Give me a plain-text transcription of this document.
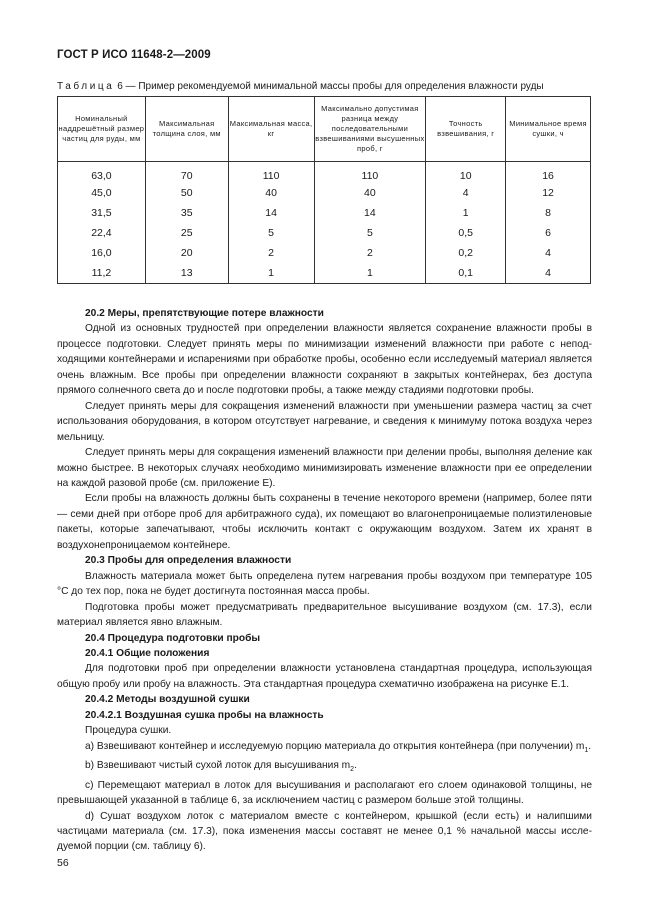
ГОСТ Р ИСО 11648-2—2009
Таблица 6 — Пример рекомендуемой минимальной массы пробы для определения влажности руды
Номинальный наддрешётный размер частиц для руды, мм	Максимальная толщина слоя, мм	Максимальная масса, кг	Максимально допустимая разница между последовательными взвешиваниями высушенных проб, г	Точность взвешивания, г	Минимальное время сушки, ч
63,0	70	110	110	10	16
45,0	50	40	40	4	12
31,5	35	14	14	1	8
22,4	25	5	5	0,5	6
16,0	20	2	2	0,2	4
11,2	13	1	1	0,1	4

20.2 Меры, препятствующие потере влажности

Одной из основных трудностей при определении влажности является сохранение влажности пробы в процессе подготовки. Следует принять меры по минимизации изменений влажности при работе с неподходящими контейнерами и испарениями при обработке пробы, особенно если исследуемый материал является очень влажным. Все пробы при определении влажности сохраняют в закрытых контейнерах, без доступа прямого солнечного света до и после подготовки пробы, а также между стадиями подготовки пробы.

Следует принять меры для сокращения изменений влажности при уменьшении размера частиц за счет использования оборудования, в котором отсутствует нагревание, и сведения к минимуму потока воздуха через мельницу.

Следует принять меры для сокращения изменений влажности при делении пробы, выполняя деление как можно быстрее. В некоторых случаях необходимо минимизировать изменение влажности при ее определении на каждой разовой пробе (см. приложение Е).

Если пробы на влажность должны быть сохранены в течение некоторого времени (например, более пяти — семи дней при отборе проб для арбитражного суда), их помещают во влагонепроницаемые полиэтиленовые пакеты, которые запечатывают, чтобы исключить контакт с окружающим воздухом. Затем их хранят в воздухонепроницаемом контейнере.

20.3 Пробы для определения влажности

Влажность материала может быть определена путем нагревания пробы воздухом при температуре 105 °С до тех пор, пока не будет достигнута постоянная масса пробы.

Подготовка пробы может предусматривать предварительное высушивание воздухом (см. 17.3), если материал является явно влажным.

20.4 Процедура подготовки пробы

20.4.1 Общие положения

Для подготовки проб при определении влажности установлена стандартная процедура, использующая общую пробу или пробу на влажность. Эта стандартная процедура схематично изображена на рисунке Е.1.

20.4.2 Методы воздушной сушки

20.4.2.1 Воздушная сушка пробы на влажность

Процедура сушки.

a) Взвешивают контейнер и исследуемую порцию материала до открытия контейнера (при получении) $m_1$.

b) Взвешивают чистый сухой лоток для высушивания $m_2$.

c) Перемещают материал в лоток для высушивания и располагают его слоем одинаковой толщины, не превышающей указанной в таблице 6, за исключением частиц с размером больше этой толщины.

d) Сушат воздухом лоток с материалом вместе с контейнером, крышкой (если есть) и налипшими частицами материала (см. 17.3), пока изменения массы составят не менее 0,1 % начальной массы исследуемой порции (см. таблицу 6).

56
